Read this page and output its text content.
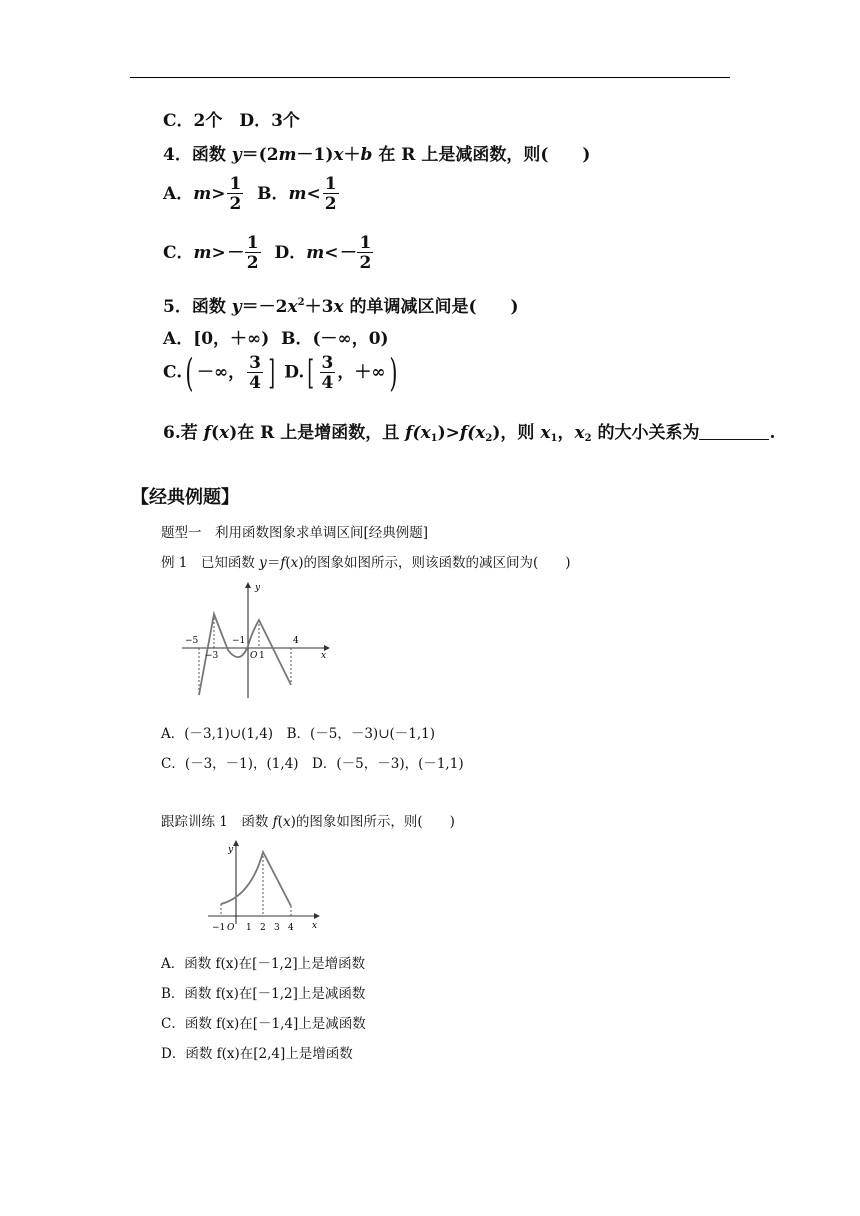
C．2个　D．3个
4．函数 y＝(2m－1)x＋b 在 R 上是减函数，则(　　)
A．$m> \frac{1}{2}$ B．$m< \frac{1}{2}$
C．$m>- \frac{1}{2}$ D．$m<- \frac{1}{2}$
5．函数 $y=-2x^2+3x$ 的单调减区间是(　　)
A．[0，＋∞) B．(－∞，0)
C.( －∞， $\frac{3}{4}$ ] $D.[ \frac{3}{4}$ ，＋∞)
6.若 f(x)在 R 上是增函数，且 $f(x_1)>f(x_2)$，则 $x_1$，$x_2$ 的大小关系为	.
【经典例题】
题型一　利用函数图象求单调区间[经典例题]
例 1　已知函数 y＝f(x)的图象如图所示，则该函数的减区间为(　　)
y
x
−5
−3
−1
O 1
4
A．(－3,1)∪(1,4)　B．(－5，－3)∪(－1,1)
C．(－3，－1)，(1,4)　D．(－5，－3)，(－1,1)
跟踪训练 1　函数 f(x)的图象如图所示，则(　　)
y
x
−1 O 1 2 3 4
A．函数 f(x)在[－1,2]上是增函数
B．函数 f(x)在[－1,2]上是减函数
C．函数 f(x)在[－1,4]上是减函数
D．函数 f(x)在[2,4]上是增函数
